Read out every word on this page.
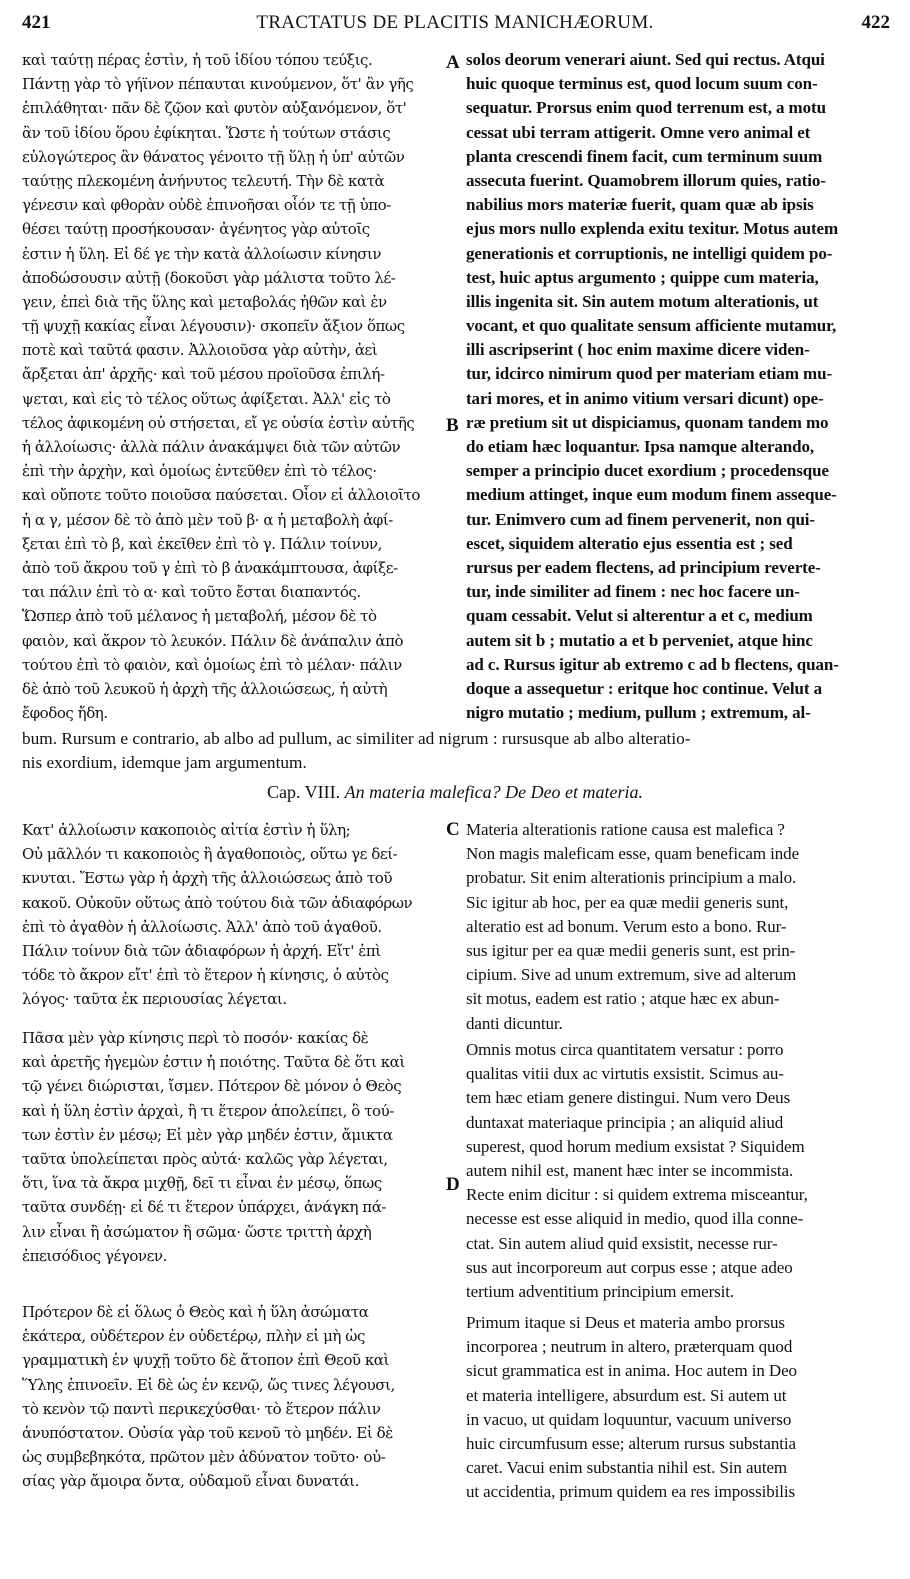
421	TRACTATUS DE PLACITIS MANICHÆORUM.	422
καὶ ταύτῃ πέρας ἐστὶν, ἡ τοῦ ἰδίου τόπου τεύξις.
Πάντῃ γὰρ τὸ γήϊνον πέπαυται κινούμενον, ὅτ' ἂν γῆς
ἐπιλάθηται· πᾶν δὲ ζῷον καὶ φυτὸν αὐξανόμενον, ὅτ'
ἂν τοῦ ἰδίου ὅρου ἐφίκηται. Ὥστε ἡ τούτων στάσις
εὐλογώτερος ἂν θάνατος γένοιτο τῇ ὕλῃ ἡ ὑπ' αὐτῶν
ταύτῃς πλεκομένη ἀνήνυτος τελευτή. Τὴν δὲ κατὰ
γένεσιν καὶ φθορὰν οὐδὲ ἐπινοῆσαι οἷόν τε τῇ ὑπο-
θέσει ταύτῃ προσήκουσαν· ἀγένητος γὰρ αὐτοῖς
ἐστιν ἡ ὕλη. Εἰ δέ γε τὴν κατὰ ἀλλοίωσιν κίνησιν
ἀποδώσουσιν αὐτῇ (δοκοῦσι γὰρ μάλιστα τοῦτο λέ-
γειν, ἐπεὶ διὰ τῆς ὕλης καὶ μεταβολάς ἠθῶν καὶ ἐν
τῇ ψυχῇ κακίας εἶναι λέγουσιν)· σκοπεῖν ἄξιον ὅπως
ποτὲ καὶ ταῦτά φασιν. Ἀλλοιοῦσα γὰρ αὐτὴν, ἀεὶ
ἄρξεται ἀπ' ἀρχῆς· καὶ τοῦ μέσου προϊοῦσα ἐπιλή-
ψεται, καὶ εἰς τὸ τέλος οὕτως ἀφίξεται. Ἀλλ' εἰς τὸ
τέλος ἀφικομένη οὐ στήσεται, εἴ γε οὐσία ἐστὶν αὐτῆς
ἡ ἀλλοίωσις· ἀλλὰ πάλιν ἀνακάμψει διὰ τῶν αὐτῶν
ἐπὶ τὴν ἀρχὴν, καὶ ὁμοίως ἐντεῦθεν ἐπὶ τὸ τέλος·
καὶ οὔποτε τοῦτο ποιοῦσα παύσεται. Οἷον εἰ ἀλλοιοῖτο
ἡ α γ, μέσον δὲ τὸ ἀπὸ μὲν τοῦ β· α ἡ μεταβολὴ ἀφί-
ξεται ἐπὶ τὸ β, καὶ ἐκεῖθεν ἐπὶ τὸ γ. Πάλιν τοίνυν,
ἀπὸ τοῦ ἄκρου τοῦ γ ἐπὶ τὸ β ἀνακάμπτουσα, ἀφίξε-
ται πάλιν ἐπὶ τὸ α· καὶ τοῦτο ἔσται διαπαντός.
Ὥσπερ ἀπὸ τοῦ μέλανος ἡ μεταβολή, μέσον δὲ τὸ
φαιὸν, καὶ ἄκρον τὸ λευκόν. Πάλιν δὲ ἀνάπαλιν ἀπὸ
τούτου ἐπὶ τὸ φαιὸν, καὶ ὁμοίως ἐπὶ τὸ μέλαν· πάλιν
δὲ ἀπὸ τοῦ λευκοῦ ἡ ἀρχὴ τῆς ἀλλοιώσεως, ἡ αὐτὴ
ἔφοδος ἤδη.
solos deorum venerari aiunt. Sed qui rectus. Atqui
huic quoque terminus est, quod locum suum con-
sequatur. Prorsus enim quod terrenum est, a motu
cessat ubi terram attigerit. Omne vero animal et
planta crescendi finem facit, cum terminum suum
assecuta fuerint. Quamobrem illorum quies, ratio-
nabilius mors materiæ fuerit, quam quæ ab ipsis
ejus mors nullo explenda exitu texitur. Motus autem
generationis et corruptionis, ne intelligi quidem po-
test, huic aptus argumento ; quippe cum materia,
illis ingenita sit. Sin autem motum alterationis, ut
vocant, et quo qualitate sensum afficiente mutamur,
illi ascripserint ( hoc enim maxime dicere viden-
tur, idcirco nimirum quod per materiam etiam mu-
tari mores, et in animo vitium versari dicunt) ope-
ræ pretium sit ut dispiciamus, quonam tandem mo
do etiam hæc loquantur. Ipsa namque alterando,
semper a principio ducet exordium ; procedensque
medium attinget, inque eum modum finem asseque-
tur. Enimvero cum ad finem pervenerit, non qui-
escet, siquidem alteratio ejus essentia est ; sed
rursus per eadem flectens, ad principium reverte-
tur, inde similiter ad finem : nec hoc facere un-
quam cessabit. Velut si alterentur a et c, medium
autem sit b ; mutatio a et b perveniet, atque hinc
ad c. Rursus igitur ab extremo c ad b flectens, quan-
doque a assequetur : eritque hoc continue. Velut a
nigro mutatio ; medium, pullum ; extremum, al-
A
B
bum. Rursum e contrario, ab albo ad pullum, ac similiter ad nigrum : rursusque ab albo alteratio-
nis exordium, idemque jam argumentum.
Cap. VIII. An materia malefica? De Deo et materia.
Κατ' ἀλλοίωσιν κακοποιὸς αἰτία ἐστὶν ἡ ὕλη;
Οὐ μᾶλλόν τι κακοποιὸς ἢ ἀγαθοποιὸς, οὕτω γε δεί-
κνυται. Ἔστω γὰρ ἡ ἀρχὴ τῆς ἀλλοιώσεως ἀπὸ τοῦ
κακοῦ. Οὐκοῦν οὕτως ἀπὸ τούτου διὰ τῶν ἀδιαφόρων
ἐπὶ τὸ ἀγαθὸν ἡ ἀλλοίωσις. Ἀλλ' ἀπὸ τοῦ ἀγαθοῦ.
Πάλιν τοίνυν διὰ τῶν ἀδιαφόρων ἡ ἀρχή. Εἴτ' ἐπὶ
τόδε τὸ ἄκρον εἴτ' ἐπὶ τὸ ἕτερον ἡ κίνησις, ὁ αὐτὸς
λόγος· ταῦτα ἐκ περιουσίας λέγεται.
Πᾶσα μὲν γὰρ κίνησις περὶ τὸ ποσόν· κακίας δὲ
καὶ ἀρετῆς ἡγεμὼν ἐστιν ἡ ποιότης. Ταῦτα δὲ ὅτι καὶ
τῷ γένει διώρισται, ἴσμεν. Πότερον δὲ μόνον ὁ Θεὸς
καὶ ἡ ὕλη ἐστὶν ἀρχαὶ, ἢ τι ἕτερον ἀπολείπει, ὃ τού-
των ἐστὶν ἐν μέσῳ; Εἰ μὲν γὰρ μηδέν ἐστιν, ἄμικτα
ταῦτα ὑπολείπεται πρὸς αὐτά· καλῶς γὰρ λέγεται,
ὅτι, ἵνα τὰ ἄκρα μιχθῇ, δεῖ τι εἶναι ἐν μέσῳ, ὅπως
ταῦτα συνδέῃ· εἰ δέ τι ἕτερον ὑπάρχει, ἀνάγκη πά-
λιν εἶναι ἢ ἀσώματον ἢ σῶμα· ὥστε τριττὴ ἀρχὴ
ἐπεισόδιος γέγονεν.
Πρότερον δὲ εἰ ὅλως ὁ Θεὸς καὶ ἡ ὕλη ἀσώματα
ἑκάτερα, οὐδέτερον ἐν οὐδετέρῳ, πλὴν εἰ μὴ ὡς
γραμματικὴ ἐν ψυχῇ τοῦτο δὲ ἄτοπον ἐπὶ Θεοῦ καὶ
Ὕλης ἐπινοεῖν. Εἰ δὲ ὡς ἐν κενῷ, ὥς τινες λέγουσι,
τὸ κενὸν τῷ παντὶ περικεχύσθαι· τὸ ἕτερον πάλιν
ἀνυπόστατον. Οὐσία γὰρ τοῦ κενοῦ τὸ μηδέν. Εἰ δὲ
ὡς συμβεβηκότα, πρῶτον μὲν ἀδύνατον τοῦτο· οὐ-
σίας γὰρ ἄμοιρα ὄντα, οὐδαμοῦ εἶναι δυνατάι.
Materia alterationis ratione causa est malefica ?
Non magis maleficam esse, quam beneficam inde
probatur. Sit enim alterationis principium a malo.
Sic igitur ab hoc, per ea quæ medii generis sunt,
alteratio est ad bonum. Verum esto a bono. Rur-
sus igitur per ea quæ medii generis sunt, est prin-
cipium. Sive ad unum extremum, sive ad alterum
sit motus, eadem est ratio ; atque hæc ex abun-
danti dicuntur.
Omnis motus circa quantitatem versatur : porro
qualitas vitii dux ac virtutis exsistit. Scimus au-
tem hæc etiam genere distingui. Num vero Deus
duntaxat materiaque principia ; an aliquid aliud
superest, quod horum medium exsistat ? Siquidem
autem nihil est, manent hæc inter se incommista.
Recte enim dicitur : si quidem extrema misceantur,
necesse est esse aliquid in medio, quod illa conne-
ctat. Sin autem aliud quid exsistit, necesse rur-
sus aut incorporeum aut corpus esse ; atque adeo
tertium adventitium principium emersit.
Primum itaque si Deus et materia ambo prorsus
incorporea ; neutrum in altero, præterquam quod
sicut grammatica est in anima. Hoc autem in Deo
et materia intelligere, absurdum est. Si autem ut
in vacuo, ut quidam loquuntur, vacuum universo
huic circumfusum esse; alterum rursus substantia
caret. Vacui enim substantia nihil est. Sin autem
ut accidentia, primum quidem ea res impossibilis
C
D
